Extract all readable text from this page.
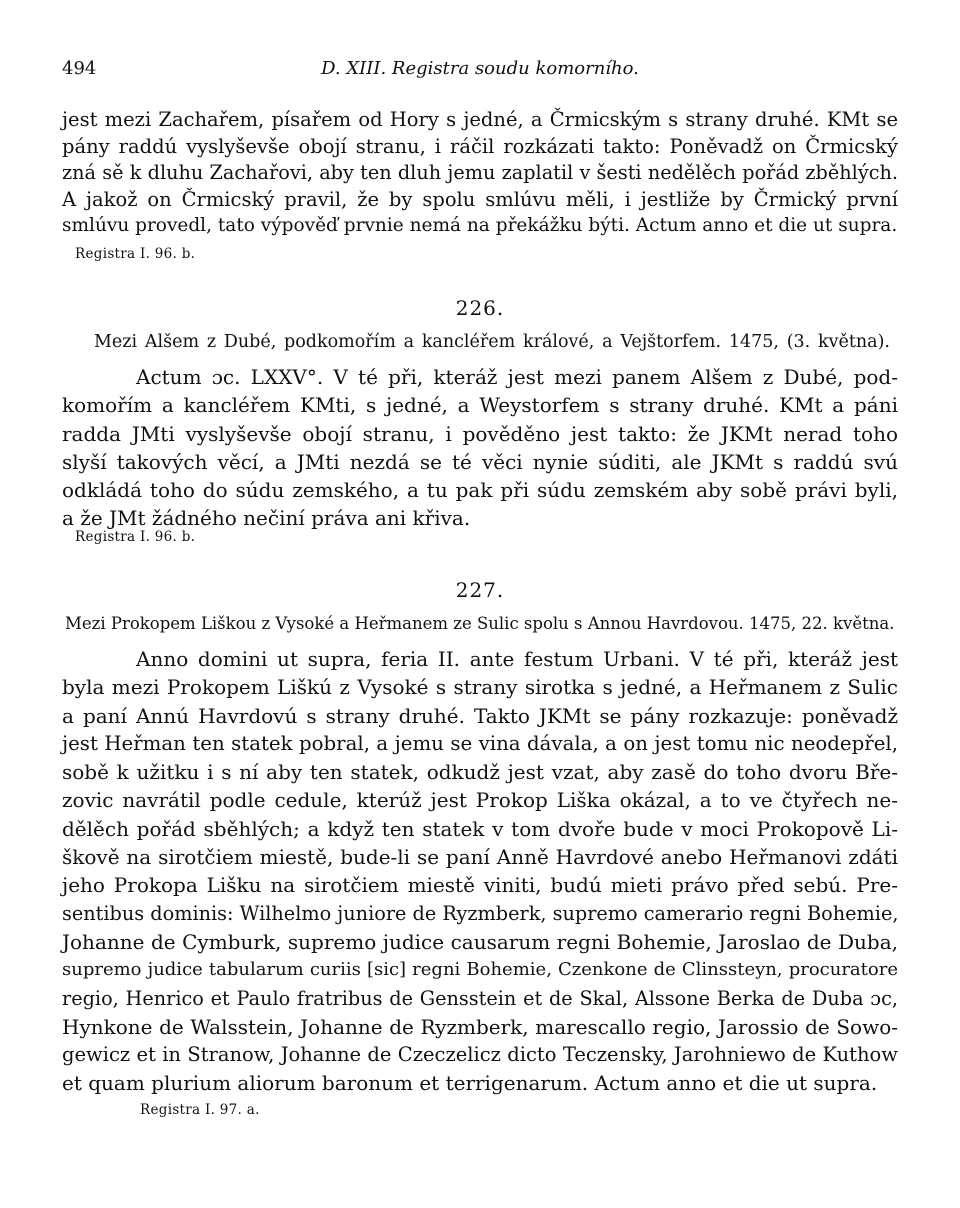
494	D. XIII. Registra soudu komorního.
jest mezi Zachařem, písařem od Hory s jedné, a Črmicským s strany druhé. KMt se
pány raddú vyslyševše obojí stranu, i ráčil rozkázati takto: Poněvadž on Črmicský
zná sě k dluhu Zachařovi, aby ten dluh jemu zaplatil v šesti nedělěch pořád zběhlých.
A jakož on Črmicský pravil, že by spolu smlúvu měli, i jestliže by Črmický první
smlúvu provedl, tato výpověď prvnie nemá na překážku býti. Actum anno et die ut supra.
Registra I. 96. b.
226.
Mezi Alšem z Dubé, podkomořím a kancléřem králové, a Vejštorfem. 1475, (3. května).
Actum ɔc. LXXV°. V té při, kteráž jest mezi panem Alšem z Dubé, pod-
komořím a kancléřem KMti, s jedné, a Weystorfem s strany druhé. KMt a páni
radda JMti vyslyševše obojí stranu, i pověděno jest takto: že JKMt nerad toho
slyší takových věcí, a JMti nezdá se té věci nynie súditi, ale JKMt s raddú svú
odkládá toho do súdu zemského, a tu pak při súdu zemském aby sobě právi byli,
a že JMt žádného nečiní práva ani křiva.
Registra I. 96. b.
227.
Mezi Prokopem Liškou z Vysoké a Heřmanem ze Sulic spolu s Annou Havrdovou. 1475, 22. května.
Anno domini ut supra, feria II. ante festum Urbani. V té při, kteráž jest
byla mezi Prokopem Liškú z Vysoké s strany sirotka s jedné, a Heřmanem z Sulic
a paní Annú Havrdovú s strany druhé. Takto JKMt se pány rozkazuje: poněvadž
jest Heřman ten statek pobral, a jemu se vina dávala, a on jest tomu nic neodepřel,
sobě k užitku i s ní aby ten statek, odkudž jest vzat, aby zasě do toho dvoru Bře-
zovic navrátil podle cedule, kterúž jest Prokop Liška okázal, a to ve čtyřech ne-
dělěch pořád sběhlých; a když ten statek v tom dvoře bude v moci Prokopově Li-
škově na sirotčiem miestě, bude-li se paní Anně Havrdové anebo Heřmanovi zdáti
jeho Prokopa Lišku na sirotčiem miestě viniti, budú mieti právo před sebú. Pre-
sentibus dominis: Wilhelmo juniore de Ryzmberk, supremo camerario regni Bohemie,
Johanne de Cymburk, supremo judice causarum regni Bohemie, Jaroslao de Duba,
supremo judice tabularum curiis [sic] regni Bohemie, Czenkone de Clinssteyn, procuratore
regio, Henrico et Paulo fratribus de Gensstein et de Skal, Alssone Berka de Duba ɔc,
Hynkone de Walsstein, Johanne de Ryzmberk, marescallo regio, Jarossio de Sowo-
gewicz et in Stranow, Johanne de Czeczelicz dicto Teczensky, Jarohniewo de Kuthow
et quam plurium aliorum baronum et terrigenarum. Actum anno et die ut supra.
Registra I. 97. a.
